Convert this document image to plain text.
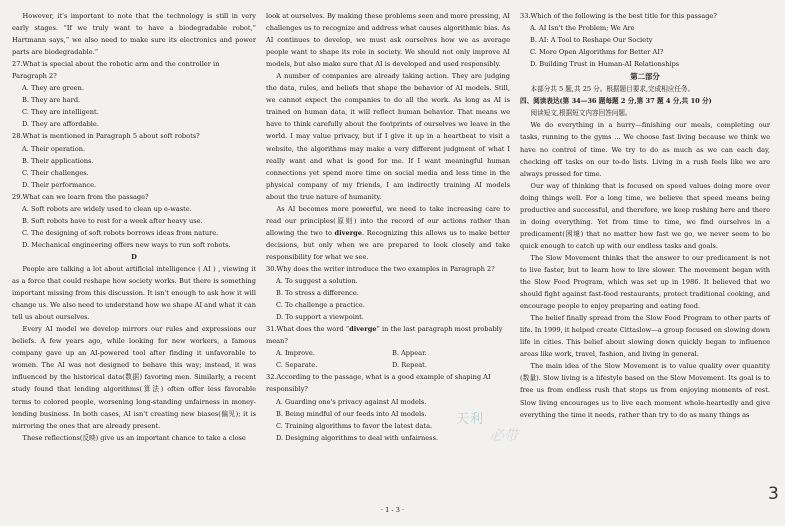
However, it's important to note that the technology is still in very early stages. “If we truly want to have a biodegradable robot,” Hartmann says,“ we also need to make sure its electronics and power parts are biodegradable.”

27.What is special about the robotic arm and the controller in Paragraph 2?

A. They are green.

B. They are hard.

C. They are intelligent.

D. They are affordable.

28.What is mentioned in Paragraph 5 about soft robots?

A. Their operation.

B. Their applications.

C. Their challenges.

D. Their performance.

29.What can we learn from the passage?

A. Soft robots are widely used to clean up e-waste.

B. Soft robots have to rest for a week after heavy use.

C. The designing of soft robots borrows ideas from nature.

D. Mechanical engineering offers new ways to run soft robots.

D

People are talking a lot about artificial intelligence ( AI ) , viewing it as a force that could reshape how society works. But there is something important missing from this discussion. It isn't enough to ask how it will change us. We also need to understand how we shape AI and what it can tell us about ourselves.

Every AI model we develop mirrors our rules and expressions our beliefs. A few years ago, while looking for new workers, a famous company gave up an AI-powered tool after finding it unfavorable to women. The AI was not designed to behave this way; instead, it was influenced by the historical data(数据) favoring men. Similarly, a recent study found that lending algorithms(算法) often offer less favorable terms to colored people, worsening long-standing unfairness in money-lending business. In both cases, AI isn't creating new biases(偏见); it is mirroring the ones that are already present.

These reflections(反映) give us an important chance to take a close

look at ourselves. By making these problems seen and more pressing, AI challenges us to recognize and address what causes algorithmic bias. As AI continues to develop, we must ask ourselves how we as average people want to shape its role in society. We should not only improve AI models, but also make sure that AI is developed and used responsibly.

A number of companies are already taking action. They are judging the data, rules, and beliefs that shape the behavior of AI models. Still, we cannot expect the companies to do all the work. As long as AI is trained on human data, it will reflect human behavior. That means we have to think carefully about the footprints of ourselves we leave in the world. I may value privacy, but if I give it up in a heartbeat to visit a website, the algorithms may make a very different judgment of what I really want and what is good for me. If I want meaningful human connections yet spend more time on social media and less time in the physical company of my friends, I am indirectly training AI models about the true nature of humanity.

As AI becomes more powerful, we need to take increasing care to read our principles(原则) into the record of our actions rather than allowing the two to diverge. Recognizing this allows us to make better decisions, but only when we are prepared to look closely and take responsibility for what we see.

30.Why does the writer introduce the two examples in Paragraph 2?

A. To suggest a solution.

B. To stress a difference.

C. To challenge a practice.

D. To support a viewpoint.

31.What does the word “diverge” in the last paragraph most probably mean?

A. Improve.	B. Appear.

C. Separate.	D. Repeat.

32.According to the passage, what is a good example of shaping AI responsibly?

A. Guarding one's privacy against AI models.

B. Being mindful of our feeds into AI models.

C. Training algorithms to favor the latest data.

D. Designing algorithms to deal with unfairness.

33.Which of the following is the best title for this passage?

A. AI Isn't the Problem; We Are

B. AI: A Tool to Reshape Our Society

C. More Open Algorithms for Better AI?

D. Building Trust in Human-AI Relationships

第二部分

本部分共 5 题,共 25 分。根据题目要求,完成相应任务。

四、阅读表达(第 34—36 题每题 2 分,第 37 题 4 分,共 10 分)

阅读短文,根据短文内容回答问题。

We do everything in a hurry—finishing our meals, completing our tasks, running to the gyms … We choose fast living because we think we have no control of time. We try to do as much as we can each day, checking off tasks on our to-do lists. Living in a rush feels like we are always pressed for time.

Our way of thinking that is focused on speed values doing more over doing things well. For a long time, we believe that speed means being productive and successful, and therefore, we keep rushing here and there in doing everything. Yet from time to time, we find ourselves in a predicament(困境) that no matter how fast we go, we never seem to be quick enough to catch up with our endless tasks and goals.

The Slow Movement thinks that the answer to our predicament is not to live faster, but to learn how to live slower. The movement began with the Slow Food Program, which was set up in 1986. It believed that we should fight against fast-food restaurants, protect traditional cooking, and encourage people to enjoy preparing and eating food.

The belief finally spread from the Slow Food Program to other parts of life. In 1999, it helped create Cittaslow—a group focused on slowing down life in cities. This belief about slowing down quickly began to influence areas like work, travel, fashion, and living in general.

The main idea of the Slow Movement is to value quality over quantity (数量). Slow living is a lifestyle based on the Slow Movement. Its goal is to free us from endless rush that stops us from enjoying moments of rest. Slow living encourages us to live each moment whole-heartedly and give everything the time it needs, rather than try to do as many things as

天利
必带
· 1 - 3 ·
3
